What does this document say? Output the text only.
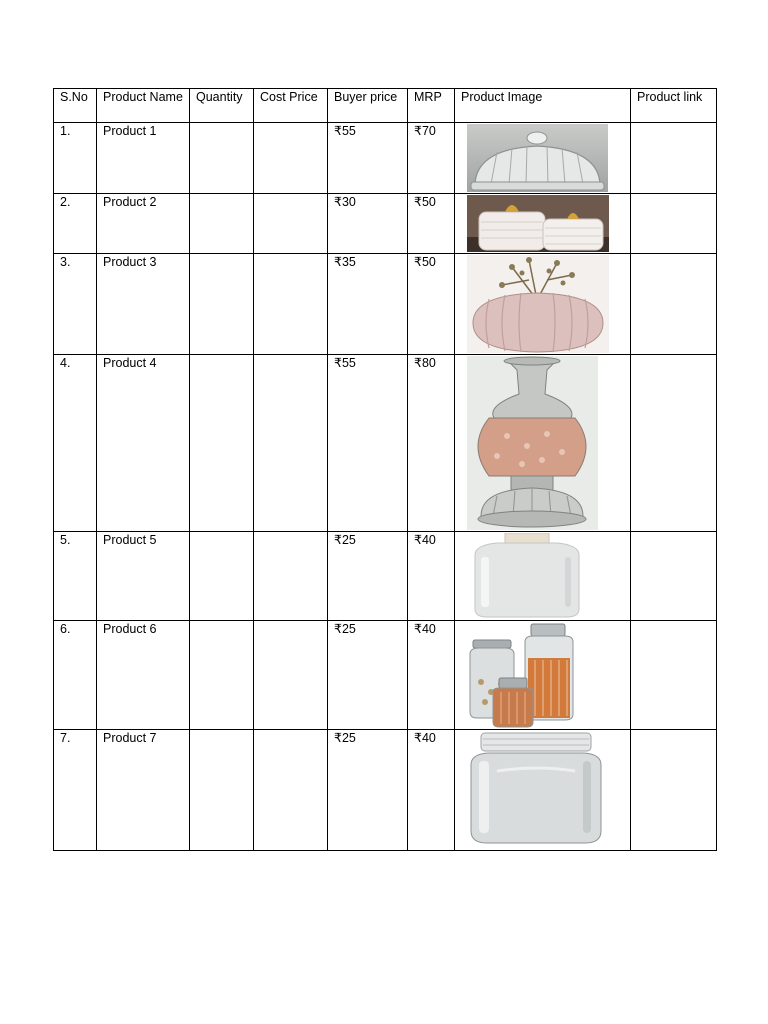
S.No	Product Name	Quantity	Cost Price	Buyer price	MRP	Product Image	Product link
1.	Product 1			₹55	₹70	

2.	Product 2			₹30	₹50	

3.	Product 3			₹35	₹50	

4.	Product 4			₹55	₹80	

5.	Product 5			₹25	₹40	

6.	Product 6			₹25	₹40	

7.	Product 7			₹25	₹40	
